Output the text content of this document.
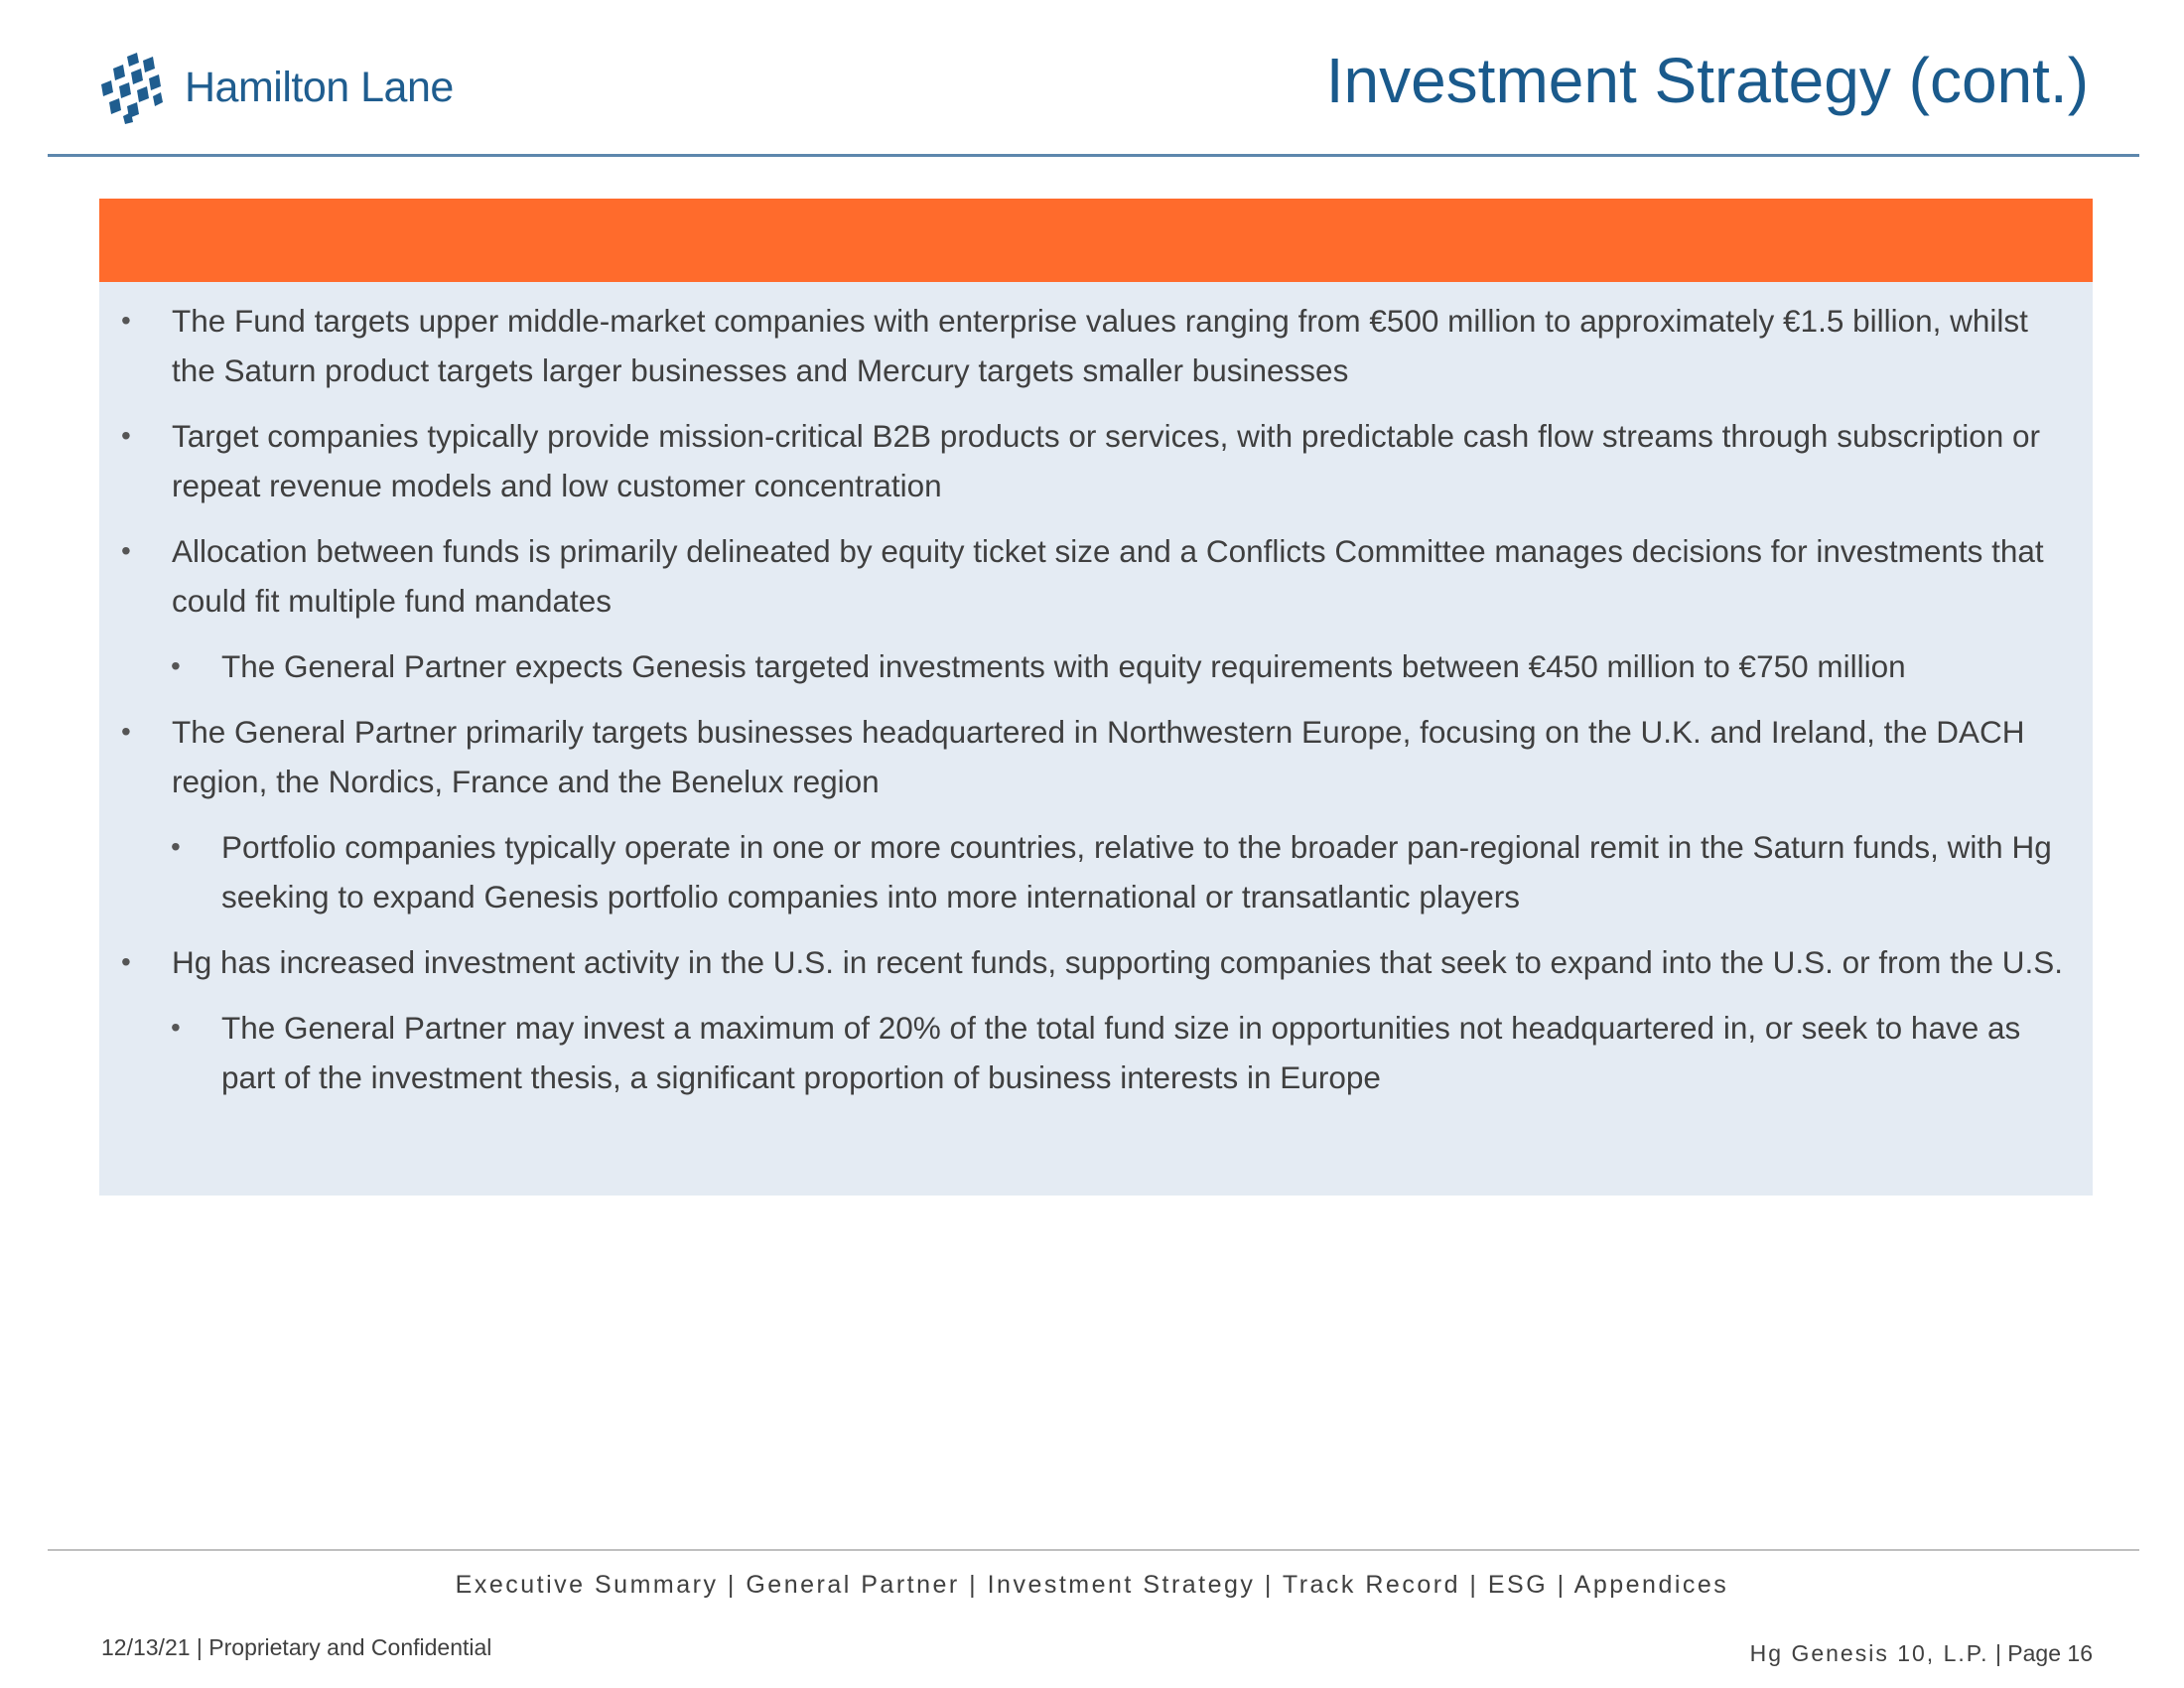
Hamilton Lane	Investment Strategy (cont.)
• The Fund targets upper middle-market companies with enterprise values ranging from €500 million to approximately €1.5 billion, whilst the Saturn product targets larger businesses and Mercury targets smaller businesses
• Target companies typically provide mission-critical B2B products or services, with predictable cash flow streams through subscription or repeat revenue models and low customer concentration
• Allocation between funds is primarily delineated by equity ticket size and a Conflicts Committee manages decisions for investments that could fit multiple fund mandates
• The General Partner expects Genesis targeted investments with equity requirements between €450 million to €750 million
• The General Partner primarily targets businesses headquartered in Northwestern Europe, focusing on the U.K. and Ireland, the DACH region, the Nordics, France and the Benelux region
• Portfolio companies typically operate in one or more countries, relative to the broader pan-regional remit in the Saturn funds, with Hg seeking to expand Genesis portfolio companies into more international or transatlantic players
• Hg has increased investment activity in the U.S. in recent funds, supporting companies that seek to expand into the U.S. or from the U.S.
• The General Partner may invest a maximum of 20% of the total fund size in opportunities not headquartered in, or seek to have as part of the investment thesis, a significant proportion of business interests in Europe
Executive Summary | General Partner | Investment Strategy | Track Record | ESG | Appendices
12/13/21 | Proprietary and Confidential	Hg Genesis 10, L.P. | Page 16
